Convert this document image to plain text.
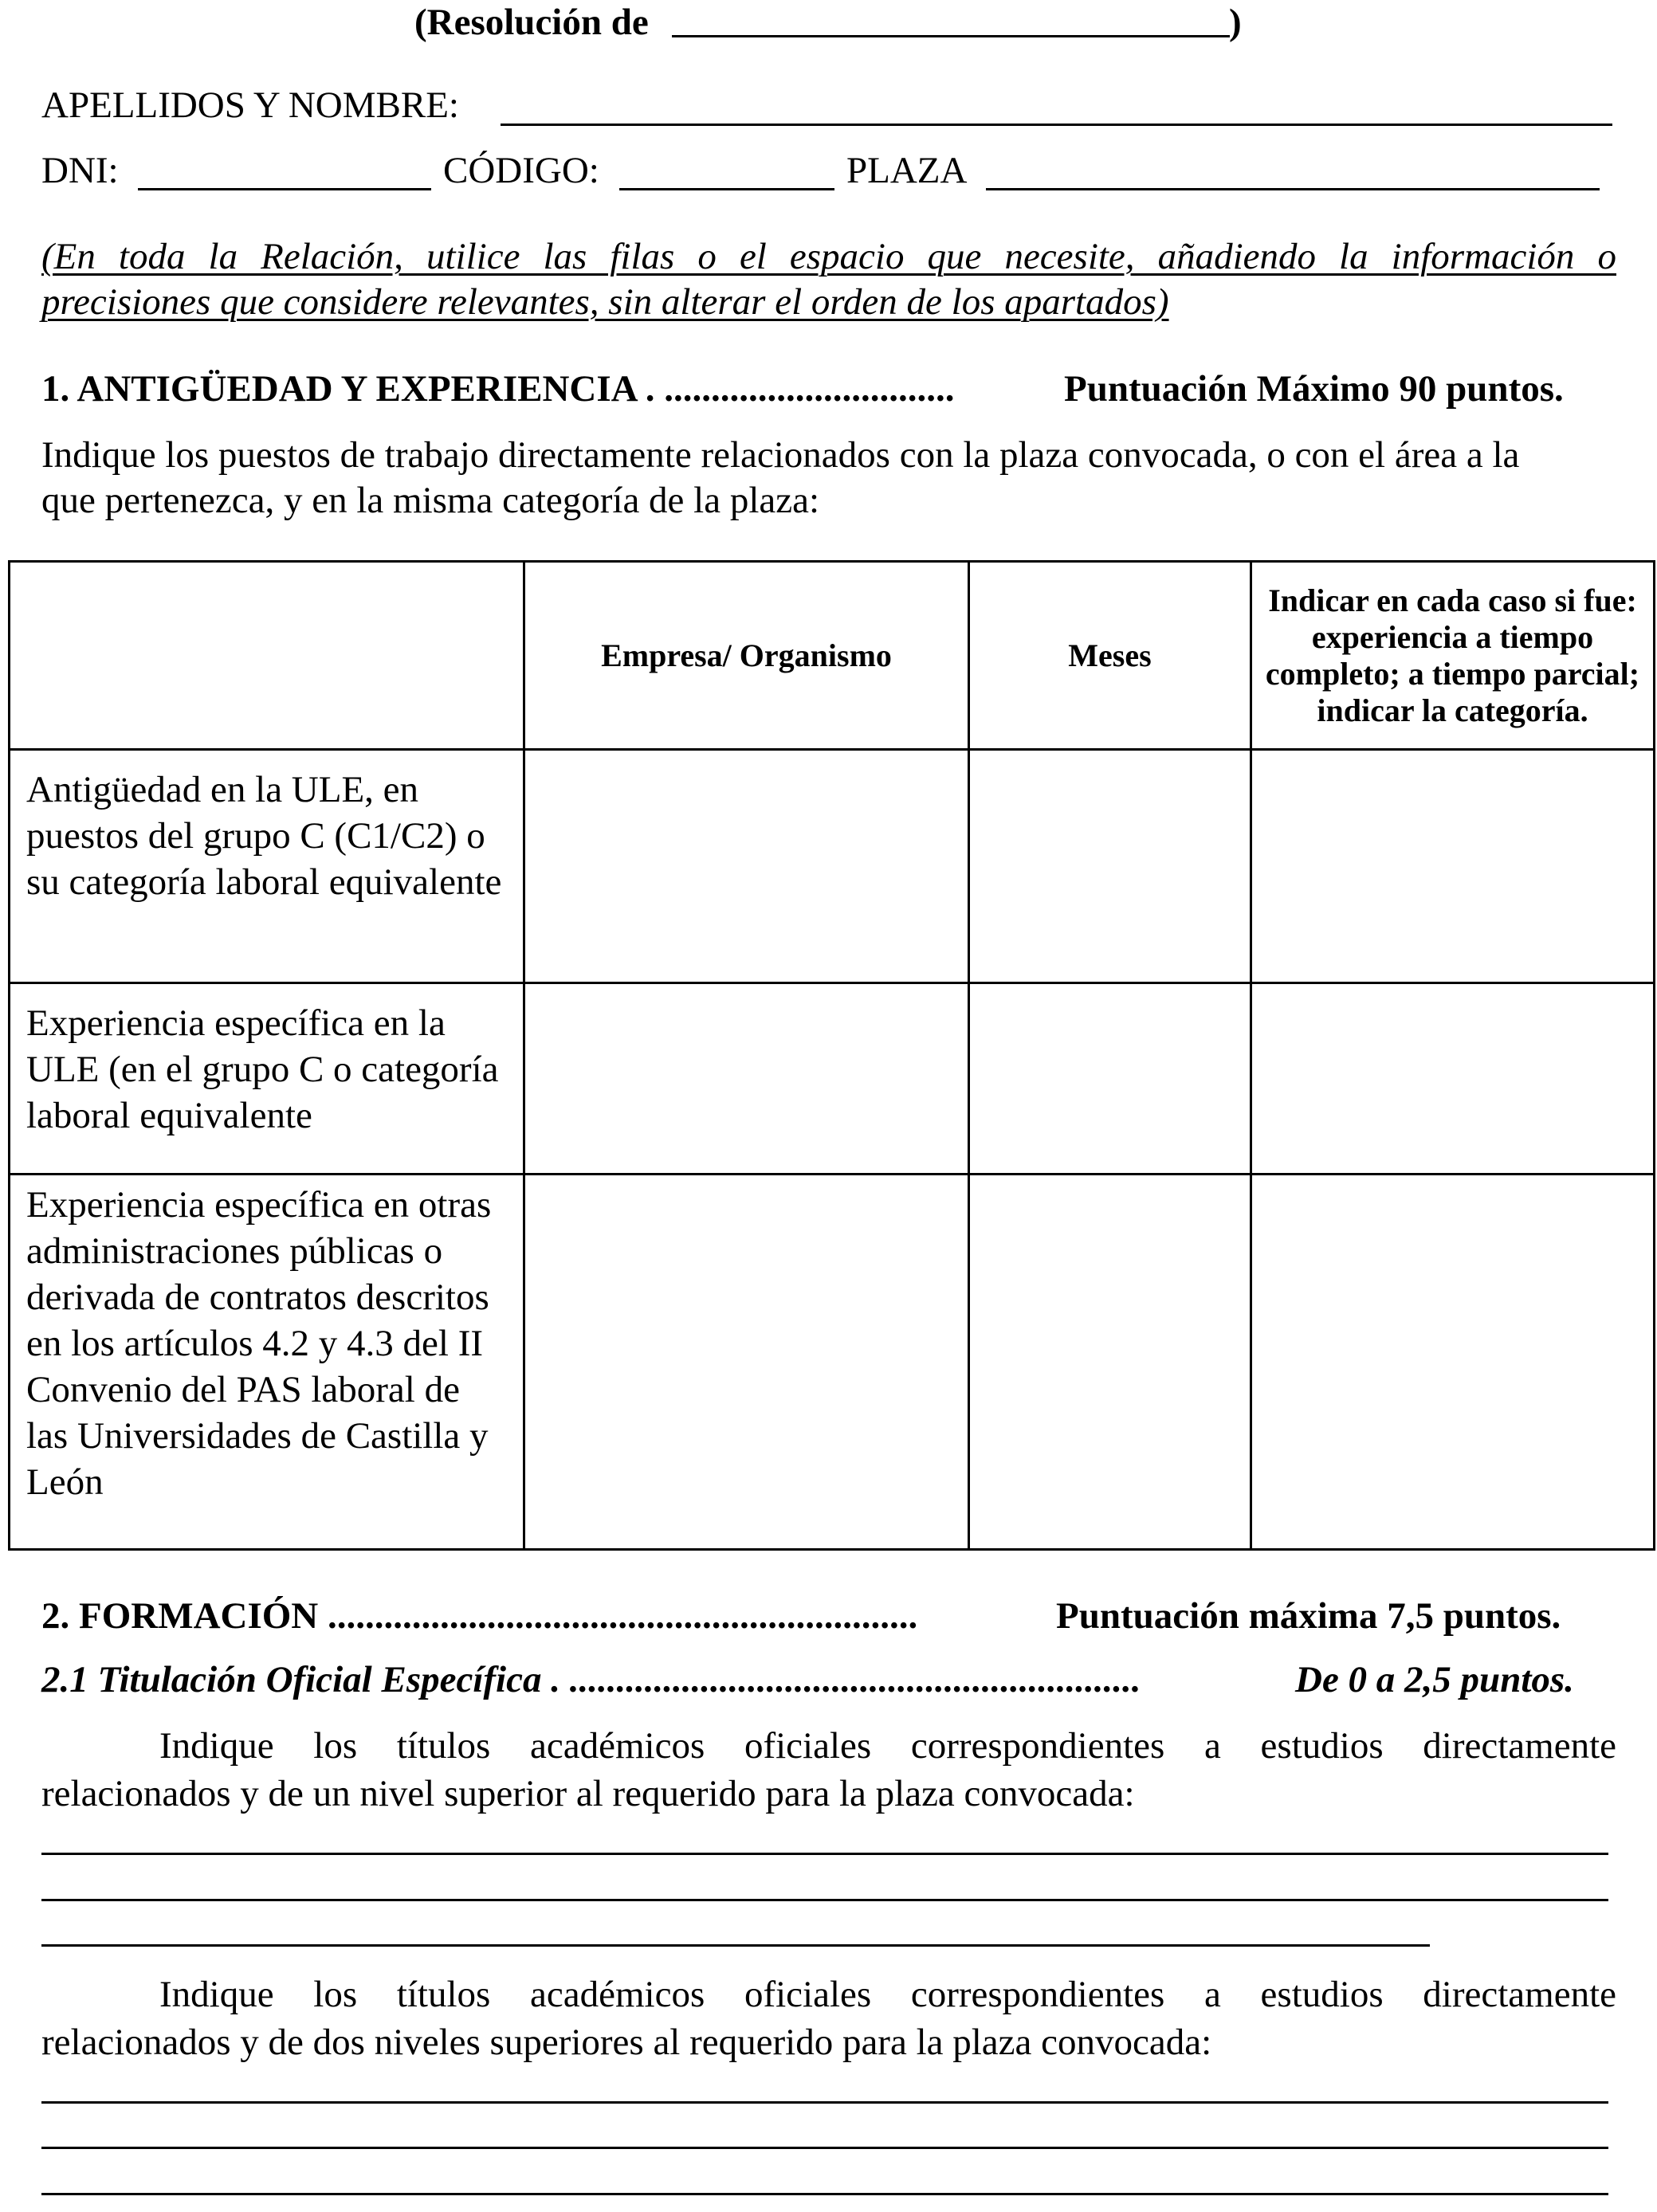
(Resolución de	)
APELLIDOS Y NOMBRE:
DNI:	CÓDIGO:	PLAZA
(En toda la Relación, utilice las filas o el espacio que necesite, añadiendo la información o
precisiones que considere relevantes, sin alterar el orden de los apartados)
1. ANTIGÜEDAD Y EXPERIENCIA . ...............................	Puntuación Máximo 90 puntos.
Indique los puestos de trabajo directamente relacionados con la plaza convocada, o con el área a la
que pertenezca, y en la misma categoría de la plaza:
	Empresa/ Organismo	Meses	Indicar en cada caso si fue: experiencia a tiempo completo; a tiempo parcial; indicar la categoría.
Antigüedad en la ULE, en puestos del grupo C (C1/C2) o su categoría laboral equivalente			
Experiencia específica en la ULE (en el grupo C o categoría laboral equivalente			
Experiencia específica en otras administraciones públicas o derivada de contratos descritos en los artículos 4.2 y 4.3 del II Convenio del PAS laboral de las Universidades de Castilla y León			
2. FORMACIÓN ...............................................................	Puntuación máxima 7,5 puntos.
2.1 Titulación Oficial Específica . .............................................................	De 0 a 2,5 puntos.
Indique los títulos académicos oficiales correspondientes a estudios directamente
relacionados y de un nivel superior al requerido para la plaza convocada:
Indique los títulos académicos oficiales correspondientes a estudios directamente
relacionados y de dos niveles superiores al requerido para la plaza convocada:
